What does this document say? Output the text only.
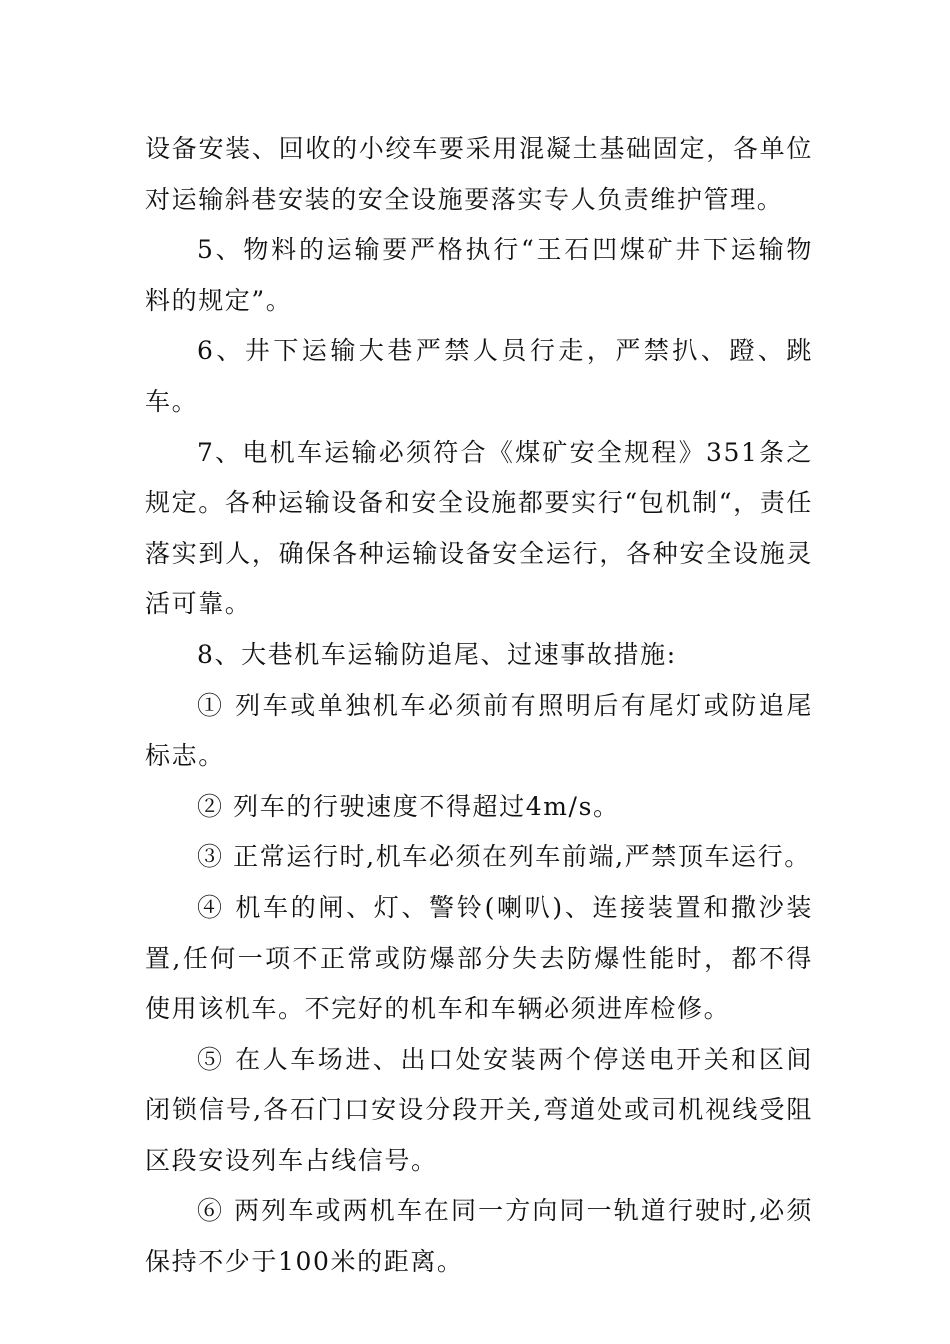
设备安装、回收的小绞车要采用混凝土基础固定，各单位对运输斜巷安装的安全设施要落实专人负责维护管理。

5、物料的运输要严格执行“王石凹煤矿井下运输物料的规定”。

6、井下运输大巷严禁人员行走，严禁扒、蹬、跳车。

7、电机车运输必须符合《煤矿安全规程》351条之规定。各种运输设备和安全设施都要实行“包机制“，责任落实到人，确保各种运输设备安全运行，各种安全设施灵活可靠。

8、大巷机车运输防追尾、过速事故措施:

① 列车或单独机车必须前有照明后有尾灯或防追尾标志。

② 列车的行驶速度不得超过4m/s。

③ 正常运行时,机车必须在列车前端,严禁顶车运行。

④ 机车的闸、灯、警铃(喇叭)、连接装置和撒沙装置,任何一项不正常或防爆部分失去防爆性能时，都不得使用该机车。不完好的机车和车辆必须进库检修。

⑤ 在人车场进、出口处安装两个停送电开关和区间闭锁信号,各石门口安设分段开关,弯道处或司机视线受阻区段安设列车占线信号。

⑥ 两列车或两机车在同一方向同一轨道行驶时,必须保持不少于100米的距离。
